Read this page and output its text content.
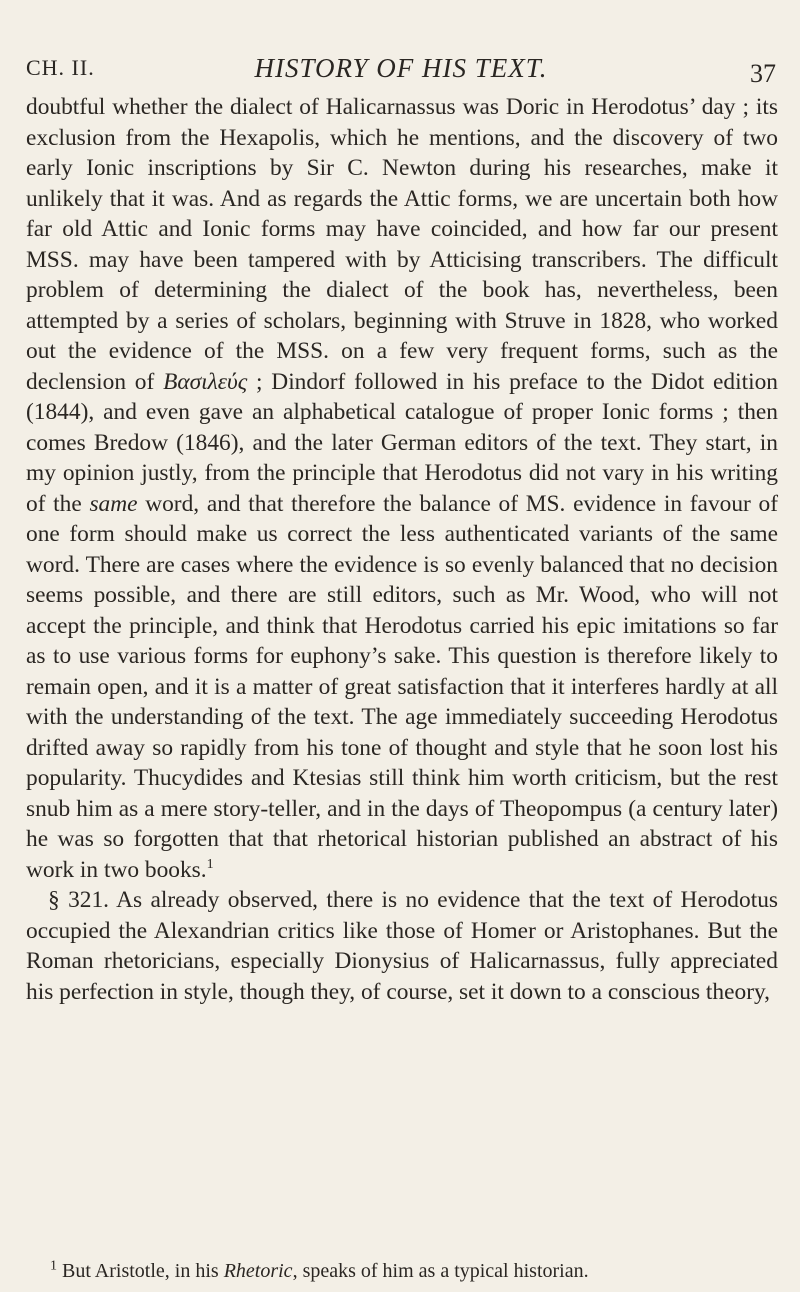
CH. II.	HISTORY OF HIS TEXT.	37

doubtful whether the dialect of Halicarnassus was Doric in Herodotus’ day ; its exclusion from the Hexapolis, which he mentions, and the discovery of two early Ionic inscriptions by Sir C. Newton during his researches, make it unlikely that it was. And as regards the Attic forms, we are uncertain both how far old Attic and Ionic forms may have coincided, and how far our present MSS. may have been tampered with by Atticising transcribers. The difficult problem of determining the dialect of the book has, nevertheless, been attempted by a series of scholars, beginning with Struve in 1828, who worked out the evidence of the MSS. on a few very frequent forms, such as the declension of Βασιλεύς ; Dindorf followed in his preface to the Didot edition (1844), and even gave an alphabetical catalogue of proper Ionic forms ; then comes Bredow (1846), and the later German editors of the text. They start, in my opinion justly, from the principle that Herodotus did not vary in his writing of the same word, and that therefore the balance of MS. evidence in favour of one form should make us correct the less authenticated variants of the same word. There are cases where the evidence is so evenly balanced that no decision seems possible, and there are still editors, such as Mr. Wood, who will not accept the principle, and think that Herodotus carried his epic imitations so far as to use various forms for euphony’s sake. This question is therefore likely to remain open, and it is a matter of great satisfaction that it interferes hardly at all with the understanding of the text. The age immediately succeeding Herodotus drifted away so rapidly from his tone of thought and style that he soon lost his popularity. Thucydides and Ktesias still think him worth criticism, but the rest snub him as a mere story-teller, and in the days of Theopompus (a century later) he was so forgotten that that rhetorical historian published an abstract of his work in two books.$^1$

§ 321. As already observed, there is no evidence that the text of Herodotus occupied the Alexandrian critics like those of Homer or Aristophanes. But the Roman rhetoricians, especially Dionysius of Halicarnassus, fully appreciated his perfection in style, though they, of course, set it down to a conscious theory,

$^1$ But Aristotle, in his Rhetoric, speaks of him as a typical historian.
